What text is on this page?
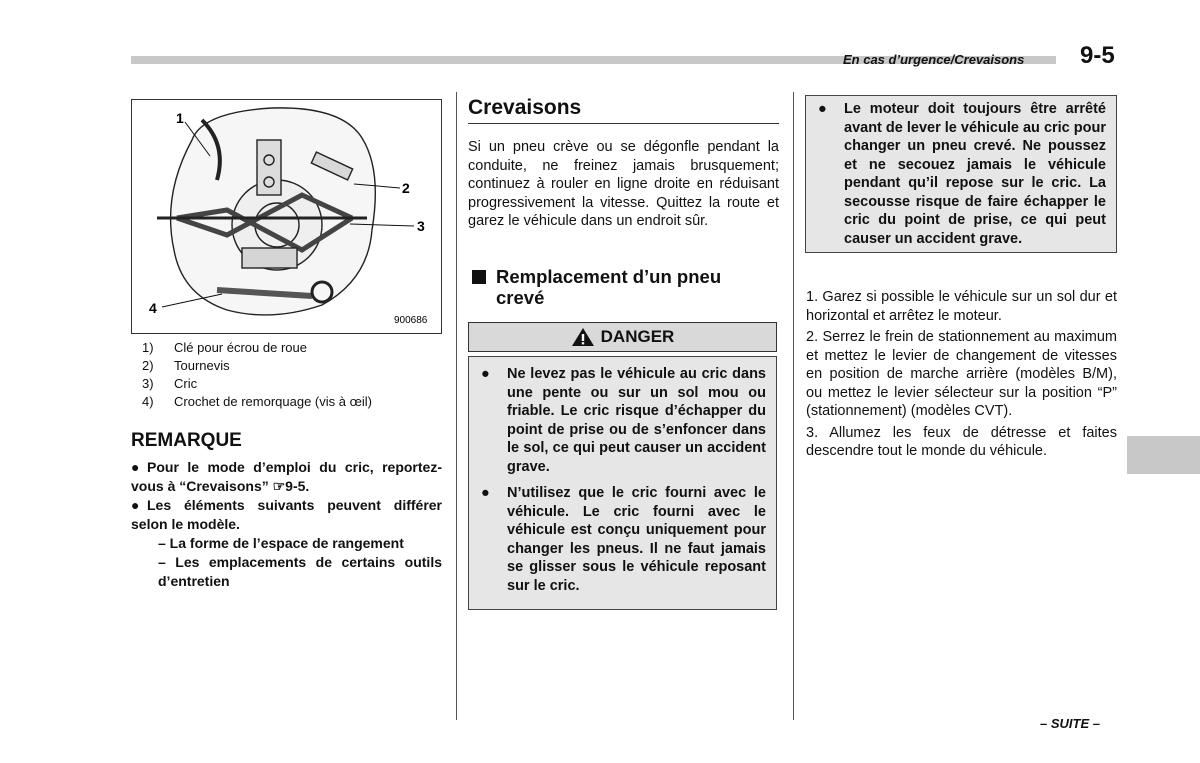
En cas d’urgence/Crevaisons 9-5
1
2
3
4
900686
1)	Clé pour écrou de roue
2)	Tournevis
3)	Cric
4)	Crochet de remorquage (vis à œil)
REMARQUE

● Pour le mode d’emploi du cric, reportez-vous à “Crevaisons” ☞9-5.

● Les éléments suivants peuvent différer selon le modèle.

– La forme de l’espace de rangement

– Les emplacements de certains outils d’entretien

Crevaisons
Si un pneu crève ou se dégonfle pendant la conduite, ne freinez jamais brusquement; continuez à rouler en ligne droite en réduisant progressivement la vitesse. Quittez la route et garez le véhicule dans un endroit sûr.
Remplacement d’un pneu crevé
DANGER
●	Ne levez pas le véhicule au cric dans une pente ou sur un sol mou ou friable. Le cric risque d’échapper du point de prise ou de s’enfoncer dans le sol, ce qui peut causer un accident grave.
●	N’utilisez que le cric fourni avec le véhicule. Le cric fourni avec le véhicule est conçu uniquement pour changer les pneus. Il ne faut jamais se glisser sous le véhicule reposant sur le cric.
●	Le moteur doit toujours être arrêté avant de lever le véhicule au cric pour changer un pneu crevé. Ne poussez et ne secouez jamais le véhicule pendant qu’il repose sur le cric. La secousse risque de faire échapper le cric du point de prise, ce qui peut causer un accident grave.

1. Garez si possible le véhicule sur un sol dur et horizontal et arrêtez le moteur.

2. Serrez le frein de stationnement au maximum et mettez le levier de changement de vitesses en position de marche arrière (modèles B/M), ou mettez le levier sélecteur sur la position “P” (stationnement) (modèles CVT).

3. Allumez les feux de détresse et faites descendre tout le monde du véhicule.

– SUITE –
